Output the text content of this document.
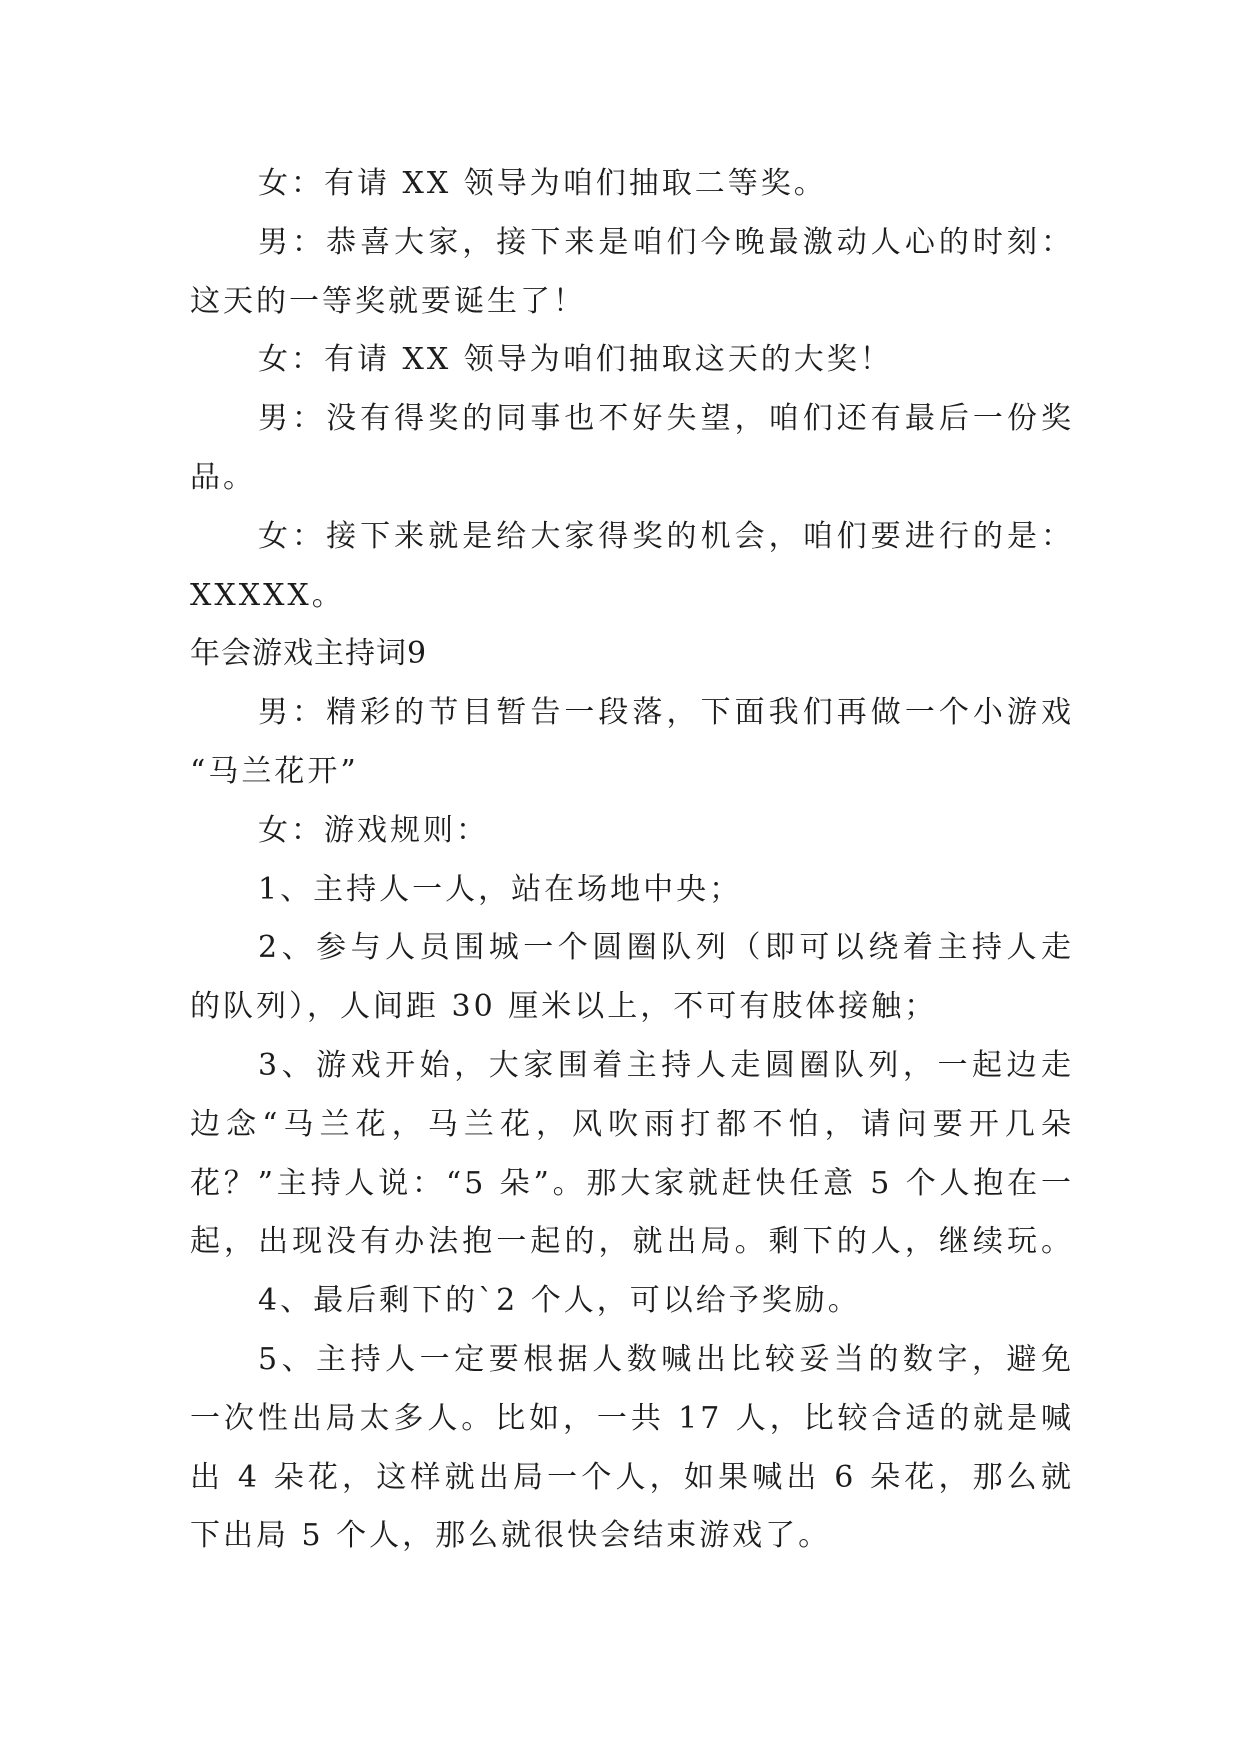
女：有请 XX 领导为咱们抽取二等奖。
男：恭喜大家，接下来是咱们今晚最激动人心的时刻：
这天的一等奖就要诞生了！
女：有请 XX 领导为咱们抽取这天的大奖！
男：没有得奖的同事也不好失望，咱们还有最后一份奖
品。
女：接下来就是给大家得奖的机会，咱们要进行的是：
XXXXX。
年会游戏主持词9
男：精彩的节目暂告一段落，下面我们再做一个小游戏
“马兰花开”
女：游戏规则：
1、主持人一人，站在场地中央；
2、参与人员围城一个圆圈队列（即可以绕着主持人走
的队列），人间距 30 厘米以上，不可有肢体接触；
3、游戏开始，大家围着主持人走圆圈队列，一起边走
边念“马兰花，马兰花，风吹雨打都不怕，请问要开几朵
花？”主持人说：“5 朵”。那大家就赶快任意 5 个人抱在一
起，出现没有办法抱一起的，就出局。剩下的人，继续玩。
4、最后剩下的`2 个人，可以给予奖励。
5、主持人一定要根据人数喊出比较妥当的数字，避免
一次性出局太多人。比如，一共 17 人，比较合适的就是喊
出 4 朵花，这样就出局一个人，如果喊出 6 朵花，那么就
下出局 5 个人，那么就很快会结束游戏了。
